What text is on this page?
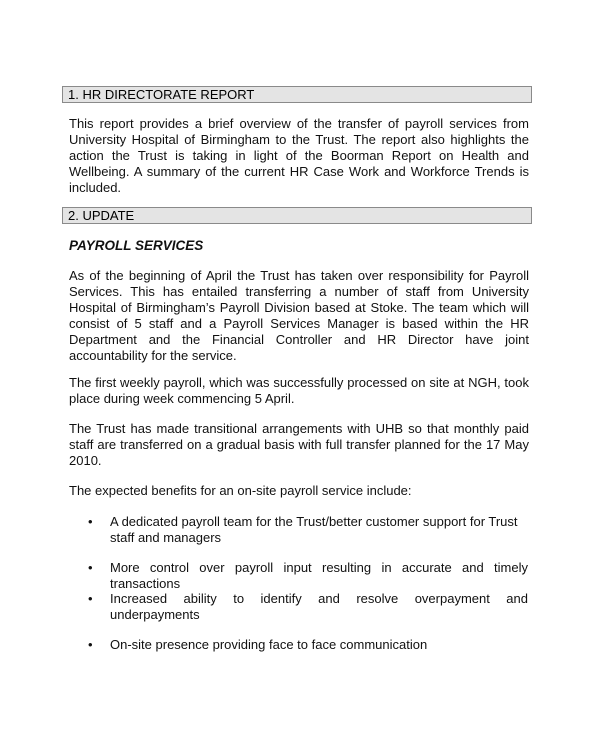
1. HR DIRECTORATE REPORT

This report provides a brief overview of the transfer of payroll services from University Hospital of Birmingham to the Trust. The report also highlights the action the Trust is taking in light of the Boorman Report on Health and Wellbeing. A summary of the current HR Case Work and Workforce Trends is included.

2. UPDATE
PAYROLL SERVICES

As of the beginning of April the Trust has taken over responsibility for Payroll Services. This has entailed transferring a number of staff from University Hospital of Birmingham’s Payroll Division based at Stoke. The team which will consist of 5 staff and a Payroll Services Manager is based within the HR Department and the Financial Controller and HR Director have joint accountability for the service.

The first weekly payroll, which was successfully processed on site at NGH, took place during week commencing 5 April.

The Trust has made transitional arrangements with UHB so that monthly paid staff are transferred on a gradual basis with full transfer planned for the 17 May 2010.

The expected benefits for an on-site payroll service include:

• A dedicated payroll team for the Trust/better customer support for Trust staff and managers
• More control over payroll input resulting in accurate and timely transactions
• Increased ability to identify and resolve overpayment and underpayments
• On-site presence providing face to face communication
